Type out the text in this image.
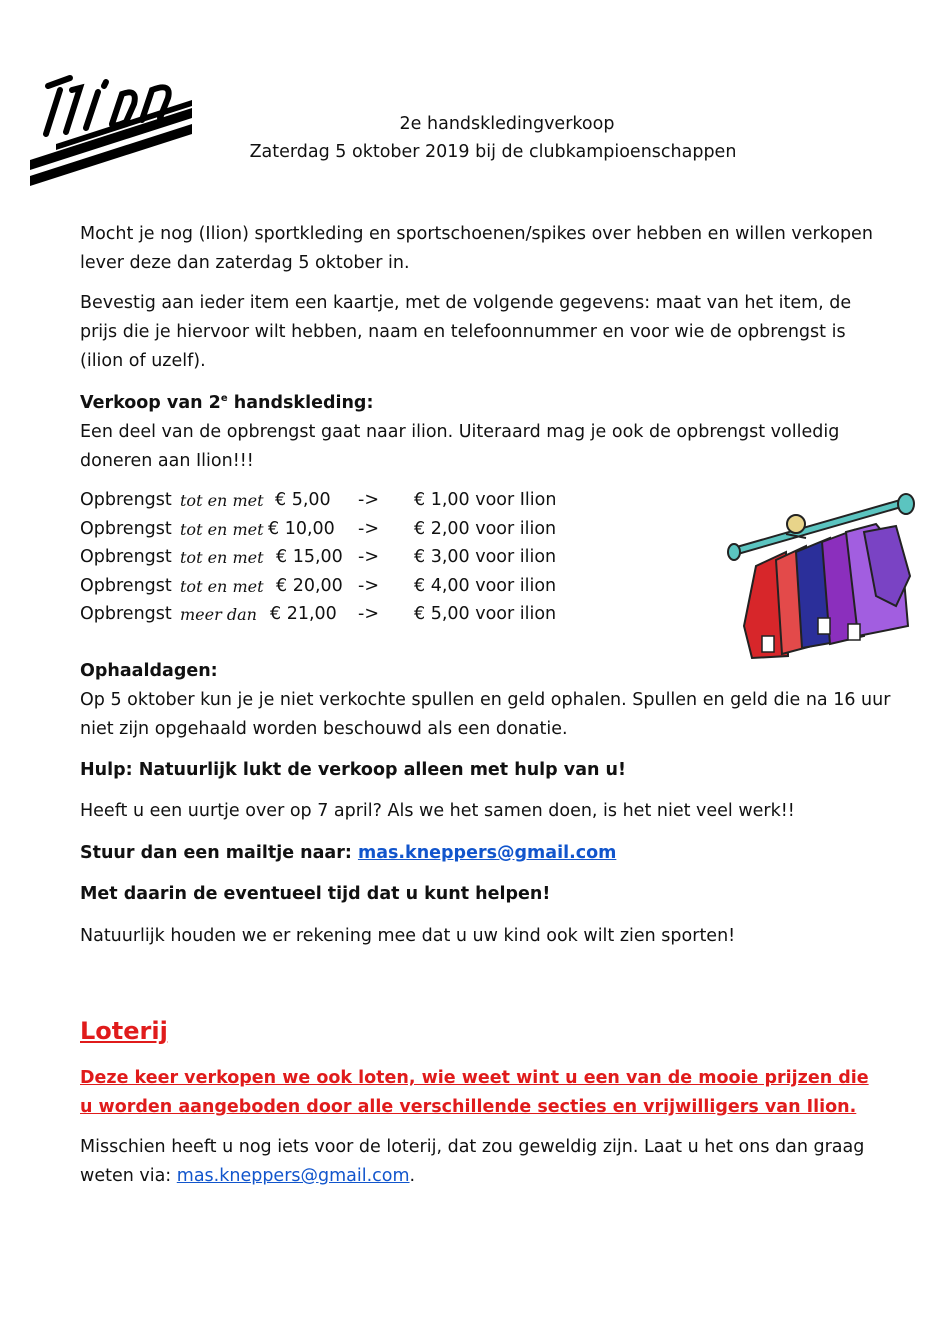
2e handskledingverkoop

Zaterdag 5 oktober 2019 bij de clubkampioenschappen

Mocht je nog (Ilion) sportkleding en sportschoenen/spikes over hebben en willen verkopen lever deze dan zaterdag 5 oktober in.

Bevestig aan ieder item een kaartje, met de volgende gegevens: maat van het item, de prijs die je hiervoor wilt hebben, naam en telefoonnummer en voor wie de opbrengst is (ilion of uzelf).

Verkoop van 2e handskleding:

Een deel van de opbrengst gaat naar ilion. Uiteraard mag je ook de opbrengst volledig doneren aan Ilion!!!

Opbrengst tot en met € 5,00 -> € 1,00 voor Ilion
Opbrengst tot en met € 10,00 -> € 2,00 voor ilion
Opbrengst tot en met € 15,00 -> € 3,00 voor ilion
Opbrengst tot en met € 20,00 -> € 4,00 voor ilion
Opbrengst meer dan € 21,00 -> € 5,00 voor ilion

Ophaaldagen:

Op 5 oktober kun je je niet verkochte spullen en geld ophalen. Spullen en geld die na 16 uur niet zijn opgehaald worden beschouwd als een donatie.

Hulp: Natuurlijk lukt de verkoop alleen met hulp van u!

Heeft u een uurtje over op 7 april? Als we het samen doen, is het niet veel werk!!

Stuur dan een mailtje naar: mas.kneppers@gmail.com

Met daarin de eventueel tijd dat u kunt helpen!

Natuurlijk houden we er rekening mee dat u uw kind ook wilt zien sporten!

Loterij

Deze keer verkopen we ook loten, wie weet wint u een van de mooie prijzen die u worden aangeboden door alle verschillende secties en vrijwilligers van Ilion.

Misschien heeft u nog iets voor de loterij, dat zou geweldig zijn. Laat u het ons dan graag weten via: mas.kneppers@gmail.com.
